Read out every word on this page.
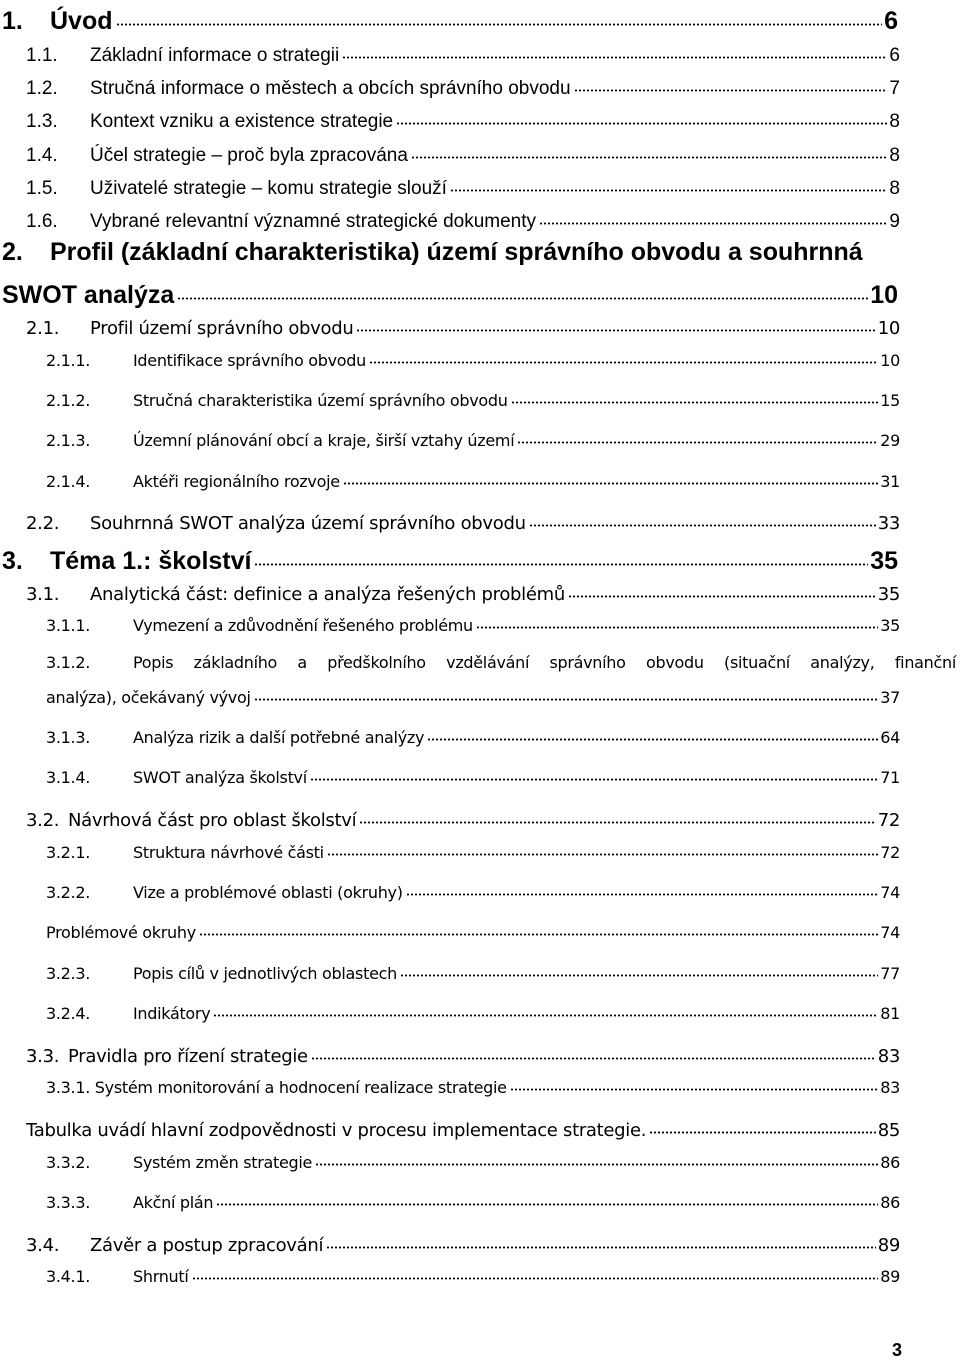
1.	Úvod	6
1.1.	Základní informace o strategii	6
1.2.	Stručná informace o městech a obcích správního obvodu	7
1.3.	Kontext vzniku a existence strategie	8
1.4.	Účel strategie – proč byla zpracována	8
1.5.	Uživatelé strategie – komu strategie slouží	8
1.6.	Vybrané relevantní významné strategické dokumenty	9
2.	Profil (základní charakteristika) území správního obvodu a souhrnná
SWOT analýza	10
2.1.	Profil území správního obvodu	10
2.1.1.	Identifikace správního obvodu	10
2.1.2.	Stručná charakteristika území správního obvodu	15
2.1.3.	Územní plánování obcí a kraje, širší vztahy území	29
2.1.4.	Aktéři regionálního rozvoje	31
2.2.	Souhrnná SWOT analýza území správního obvodu	33
3.	Téma 1.: školství	35
3.1.	Analytická část: definice a analýza řešených problémů	35
3.1.1.	Vymezení a zdůvodnění řešeného problému	35
3.1.2.	Popis základního a předškolního vzdělávání správního obvodu (situační analýzy, finanční
analýza), očekávaný vývoj	37
3.1.3.	Analýza rizik a další potřebné analýzy	64
3.1.4.	SWOT analýza školství	71
3.2. Návrhová část pro oblast školství	72
3.2.1.	Struktura návrhové části	72
3.2.2.	Vize a problémové oblasti (okruhy)	74
Problémové okruhy	74
3.2.3.	Popis cílů v jednotlivých oblastech	77
3.2.4.	Indikátory	81
3.3. Pravidla pro řízení strategie	83
3.3.1. Systém monitorování a hodnocení realizace strategie	83
Tabulka uvádí hlavní zodpovědnosti v procesu implementace strategie.	85
3.3.2.	Systém změn strategie	86
3.3.3.	Akční plán	86
3.4.	Závěr a postup zpracování	89
3.4.1.	Shrnutí	89
3
